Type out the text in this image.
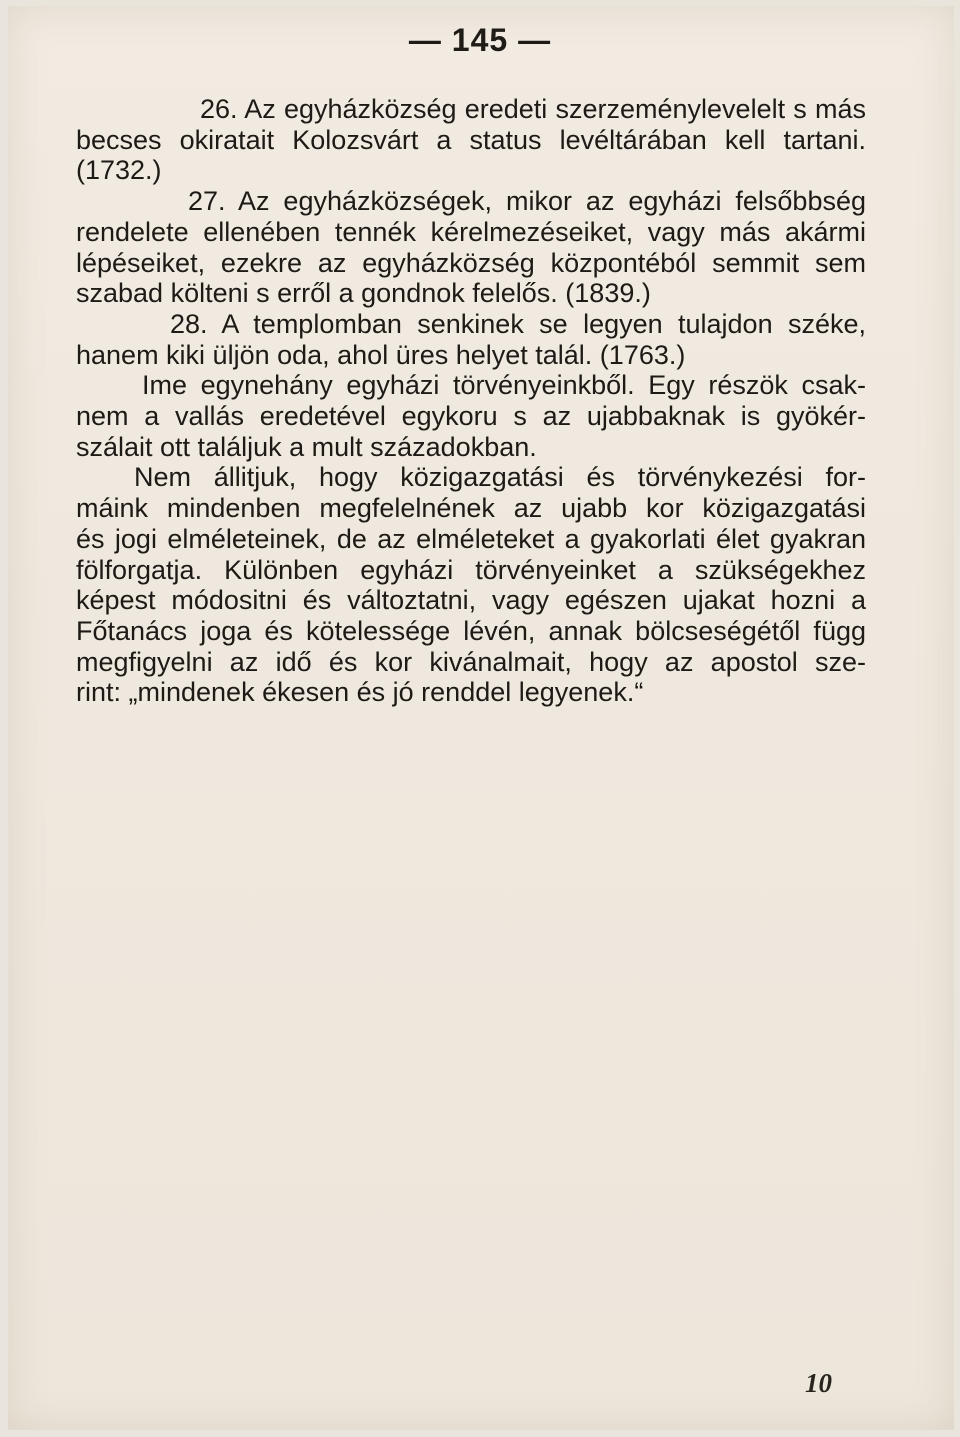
— 145 —
26. Az egyházközség eredeti szerzeménylevelelt s más
becses okiratait Kolozsvárt a status levéltárában kell tartani.
(1732.)
27. Az egyházközségek, mikor az egyházi felsőbbség
rendelete ellenében tennék kérelmezéseiket, vagy más akármi
lépéseiket, ezekre az egyházközség központéból semmit sem
szabad költeni s erről a gondnok felelős. (1839.)
28. A templomban senkinek se legyen tulajdon széke,
hanem kiki üljön oda, ahol üres helyet talál. (1763.)
Ime egynehány egyházi törvényeinkből. Egy részök csak-
nem a vallás eredetével egykoru s az ujabbaknak is gyökér-
szálait ott találjuk a mult századokban.
Nem állitjuk, hogy közigazgatási és törvénykezési for-
máink mindenben megfelelnének az ujabb kor közigazgatási
és jogi elméleteinek, de az elméleteket a gyakorlati élet gyakran
fölforgatja. Különben egyházi törvényeinket a szükségekhez
képest módositni és változtatni, vagy egészen ujakat hozni a
Főtanács joga és kötelessége lévén, annak bölcseségétől függ
megfigyelni az idő és kor kivánalmait, hogy az apostol sze-
rint: „mindenek ékesen és jó renddel legyenek.“
10
